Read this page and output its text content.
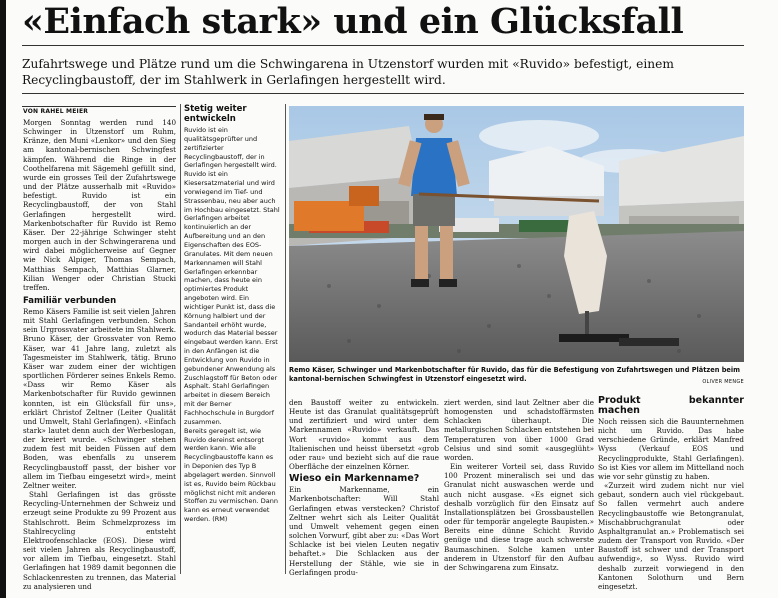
«Einfach stark» und ein Glücksfall
Zufahrtswege und Plätze rund um die Schwingarena in Utzenstorf wurden mit «Ruvido» befestigt, einem Recyclingbaustoff, der im Stahlwerk in Gerlafingen hergestellt wird.
VON RAHEL MEIER

Morgen Sonntag werden rund 140 Schwinger in Utzenstorf um Ruhm, Kränze, den Muni «Lenkor» und den Sieg am kantonal-bernischen Schwingfest kämpfen. Während die Ringe in der Coothelfarena mit Sägemehl gefüllt sind, wurde ein grosses Teil der Zufahrtswege und der Plätze ausserhalb mit «Ruvido» befestigt. Ruvido ist ein Recyclingbaustoff, der von Stahl Gerlafingen hergestellt wird. Markenbotschafter für Ruvido ist Remo Käser. Der 22-jährige Schwinger steht morgen auch in der Schwingerarena und wird dabei möglicherweise auf Gegner wie Nick Alpiger, Thomas Sempach, Matthias Sempach, Matthias Glarner, Kilian Wenger oder Christian Stucki treffen.

Familiär verbunden

Remo Käsers Familie ist seit vielen Jahren mit Stahl Gerlafingen verbunden. Schon sein Urgrossvater arbeitete im Stahlwerk. Bruno Käser, der Grossvater von Remo Käser, war 41 Jahre lang, zuletzt als Tagesmeister im Stahlwerk, tätig. Bruno Käser war zudem einer der wichtigen sportlichen Förderer seines Enkels Remo. «Dass wir Remo Käser als Markenbotschafter für Ruvido gewinnen konnten, ist ein Glücksfall für uns», erklärt Christof Zeltner (Leiter Qualität und Umwelt, Stahl Gerlafingen). «Einfach stark» lautet denn auch der Werbeslogan, der kreiert wurde. «Schwinger stehen zudem fest mit beiden Füssen auf dem Boden, was ebenfalls zu unserem Recyclingbaustoff passt, der bisher vor allem im Tiefbau eingesetzt wird», meint Zeltner weiter.

Stahl Gerlafingen ist das grösste Recycling-Unternehmen der Schweiz und erzeugt seine Produkte zu 99 Prozent aus Stahlschrott. Beim Schmelzprozess im Stahlrecycling entsteht Elektroofenschlacke (EOS). Diese wird seit vielen Jahren als Recyclingbaustoff, vor allem im Tiefbau, eingesetzt. Stahl Gerlafingen hat 1989 damit begonnen die Schlackenresten zu trennen, das Material zu analysieren und

Stetig weiter entwickeln

Ruvido ist ein qualitätsgeprüfter und zertifizierter Recyclingbaustoff, der in Gerlafingen hergestellt wird. Ruvido ist ein Kiesersatzmaterial und wird vorwiegend im Tief- und Strassenbau, neu aber auch im Hochbau eingesetzt. Stahl Gerlafingen arbeitet kontinuierlich an der Aufbereitung und an den Eigenschaften des EOS-Granulates. Mit dem neuen Markennamen will Stahl Gerlafingen erkennbar machen, dass heute ein optimiertes Produkt angeboten wird. Ein wichtiger Punkt ist, dass die Körnung halbiert und der Sandanteil erhöht wurde, wodurch das Material besser eingebaut werden kann. Erst in den Anfängen ist die Entwicklung von Ruvido in gebundener Anwendung als Zuschlagstoff für Beton oder Asphalt. Stahl Gerlafingen arbeitet in diesem Bereich mit der Berner Fachhochschule in Burgdorf zusammen.

Bereits geregelt ist, wie Ruvido dereinst entsorgt werden kann. Wie alle Recyclingbaustoffe kann es in Deponien des Typ B abgelagert werden. Sinnvoll ist es, Ruvido beim Rückbau möglichst nicht mit anderen Stoffen zu vermischen. Dann kann es erneut verwendet werden. (RM)

Remo Käser, Schwinger und Markenbotschafter für Ruvido, das für die Befestigung von Zufahrtswegen und Plätzen beim kantonal-bernischen Schwingfest in Utzenstorf eingesetzt wird.	OLIVER MENGE

den Baustoff weiter zu entwickeln. Heute ist das Granulat qualitätsgeprüft und zertifiziert und wird unter dem Markennamen «Ruvido» verkauft. Das Wort «ruvido» kommt aus dem Italienischen und heisst übersetzt «grob oder rau» und bezieht sich auf die raue Oberfläche der einzelnen Körner.

Wieso ein Markenname?

Ein Markenname, ein Markenbotschafter: Will Stahl Gerlafingen etwas verstecken? Christof Zeltner wehrt sich als Leiter Qualität und Umwelt vehement gegen einen solchen Vorwurf, gibt aber zu: «Das Wort Schlacke ist bei vielen Leuten negativ behaftet.» Die Schlacken aus der Herstellung der Stähle, wie sie in Gerlafingen produ-

ziert werden, sind laut Zeltner aber die homogensten und schadstoffärmsten Schlacken überhaupt. Die metallurgischen Schlacken entstehen bei Temperaturen von über 1000 Grad Celsius und sind somit «ausgeglüht» worden.

Ein weiterer Vorteil sei, dass Ruvido 100 Prozent mineralisch sei und das Granulat nicht auswaschen werde und auch nicht ausgase. «Es eignet sich deshalb vorzüglich für den Einsatz auf Installationsplätzen bei Grossbaustellen oder für temporär angelegte Baupisten.» Bereits eine dünne Schicht Ruvido genüge und diese trage auch schwerste Baumaschinen. Solche kamen unter anderem in Utzenstorf für den Aufbau der Schwingarena zum Einsatz.

Produkt bekannter machen

Noch reissen sich die Bauunternehmen nicht um Ruvido. Das habe verschiedene Gründe, erklärt Manfred Wyss (Verkauf EOS und Recyclingprodukte, Stahl Gerlafingen). So ist Kies vor allem im Mittelland noch wie vor sehr günstig zu haben.

«Zurzeit wird zudem nicht nur viel gebaut, sondern auch viel rückgebaut. So fallen vermehrt auch andere Recyclingbaustoffe wie Betongranulat, Mischabbruchgranulat oder Asphaltgranulat an.» Problematisch sei zudem der Transport von Ruvido. «Der Baustoff ist schwer und der Transport aufwendig», so Wyss. Ruvido wird deshalb zurzeit vorwiegend in den Kantonen Solothurn und Bern eingesetzt.
